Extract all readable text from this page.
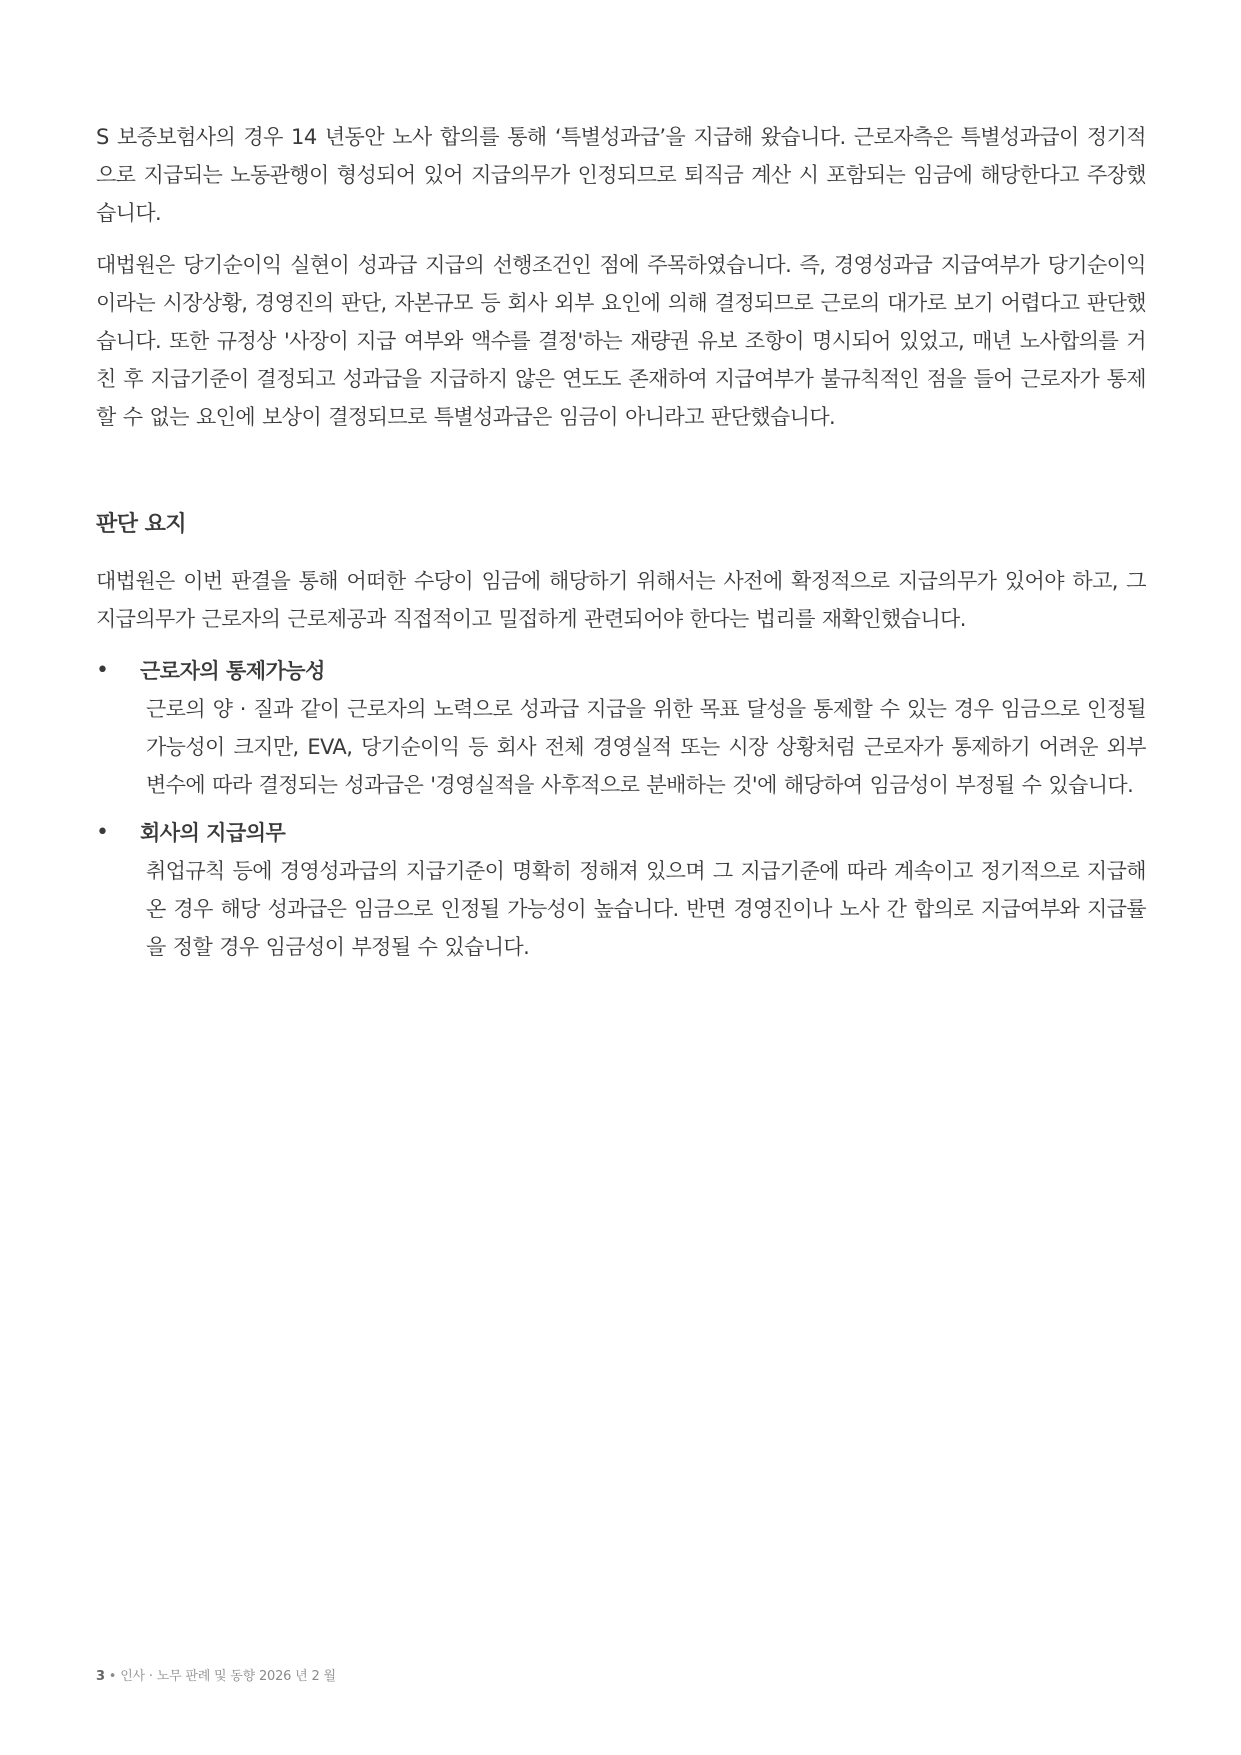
S 보증보험사의 경우 14 년동안 노사 합의를 통해 ‘특별성과급’을 지급해 왔습니다. 근로자측은 특별성과급이 정기적으로 지급되는 노동관행이 형성되어 있어 지급의무가 인정되므로 퇴직금 계산 시 포함되는 임금에 해당한다고 주장했습니다.

대법원은 당기순이익 실현이 성과급 지급의 선행조건인 점에 주목하였습니다. 즉, 경영성과급 지급여부가 당기순이익이라는 시장상황, 경영진의 판단, 자본규모 등 회사 외부 요인에 의해 결정되므로 근로의 대가로 보기 어렵다고 판단했습니다. 또한 규정상 '사장이 지급 여부와 액수를 결정'하는 재량권 유보 조항이 명시되어 있었고, 매년 노사합의를 거친 후 지급기준이 결정되고 성과급을 지급하지 않은 연도도 존재하여 지급여부가 불규칙적인 점을 들어 근로자가 통제할 수 없는 요인에 보상이 결정되므로 특별성과급은 임금이 아니라고 판단했습니다.

판단 요지

대법원은 이번 판결을 통해 어떠한 수당이 임금에 해당하기 위해서는 사전에 확정적으로 지급의무가 있어야 하고, 그 지급의무가 근로자의 근로제공과 직접적이고 밀접하게 관련되어야 한다는 법리를 재확인했습니다.

• 근로자의 통제가능성

근로의 양 · 질과 같이 근로자의 노력으로 성과급 지급을 위한 목표 달성을 통제할 수 있는 경우 임금으로 인정될 가능성이 크지만, EVA, 당기순이익 등 회사 전체 경영실적 또는 시장 상황처럼 근로자가 통제하기 어려운 외부 변수에 따라 결정되는 성과급은 '경영실적을 사후적으로 분배하는 것'에 해당하여 임금성이 부정될 수 있습니다.

• 회사의 지급의무

취업규칙 등에 경영성과급의 지급기준이 명확히 정해져 있으며 그 지급기준에 따라 계속이고 정기적으로 지급해 온 경우 해당 성과급은 임금으로 인정될 가능성이 높습니다. 반면 경영진이나 노사 간 합의로 지급여부와 지급률을 정할 경우 임금성이 부정될 수 있습니다.

3 • 인사 · 노무 판례 및 동향 2026 년 2 월
